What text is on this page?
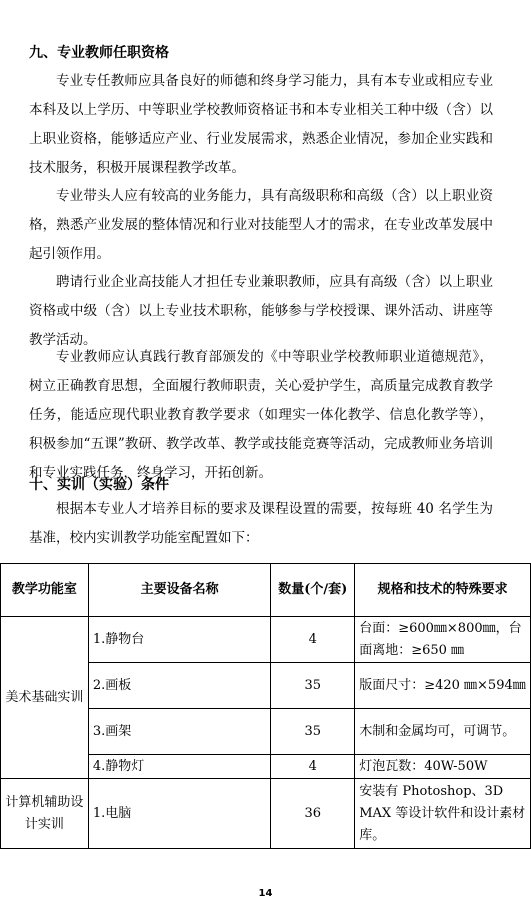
九、专业教师任职资格
专业专任教师应具备良好的师德和终身学习能力，具有本专业或相应专业本科及以上学历、中等职业学校教师资格证书和本专业相关工种中级（含）以上职业资格，能够适应产业、行业发展需求，熟悉企业情况，参加企业实践和技术服务，积极开展课程教学改革。
专业带头人应有较高的业务能力，具有高级职称和高级（含）以上职业资格，熟悉产业发展的整体情况和行业对技能型人才的需求，在专业改革发展中起引领作用。
聘请行业企业高技能人才担任专业兼职教师，应具有高级（含）以上职业资格或中级（含）以上专业技术职称，能够参与学校授课、课外活动、讲座等教学活动。
专业教师应认真践行教育部颁发的《中等职业学校教师职业道德规范》，树立正确教育思想，全面履行教师职责，关心爱护学生，高质量完成教育教学任务，能适应现代职业教育教学要求（如理实一体化教学、信息化教学等），积极参加“五课”教研、教学改革、教学或技能竞赛等活动，完成教师业务培训和专业实践任务，终身学习，开拓创新。
十、实训（实验）条件
根据本专业人才培养目标的要求及课程设置的需要，按每班 40 名学生为基准，校内实训教学功能室配置如下：
教学功能室	主要设备名称	数量(个/套)	规格和技术的特殊要求
美术基础实训	1.静物台	4	台面：≥600㎜×800㎜，台面离地：≥650 ㎜
	2.画板	35	版面尺寸：≥420 ㎜×594㎜
	3.画架	35	木制和金属均可，可调节。
	4.静物灯	4	灯泡瓦数：40W-50W
计算机辅助设计实训	1.电脑	36	安装有 Photoshop、3D MAX 等设计软件和设计素材库。
14
